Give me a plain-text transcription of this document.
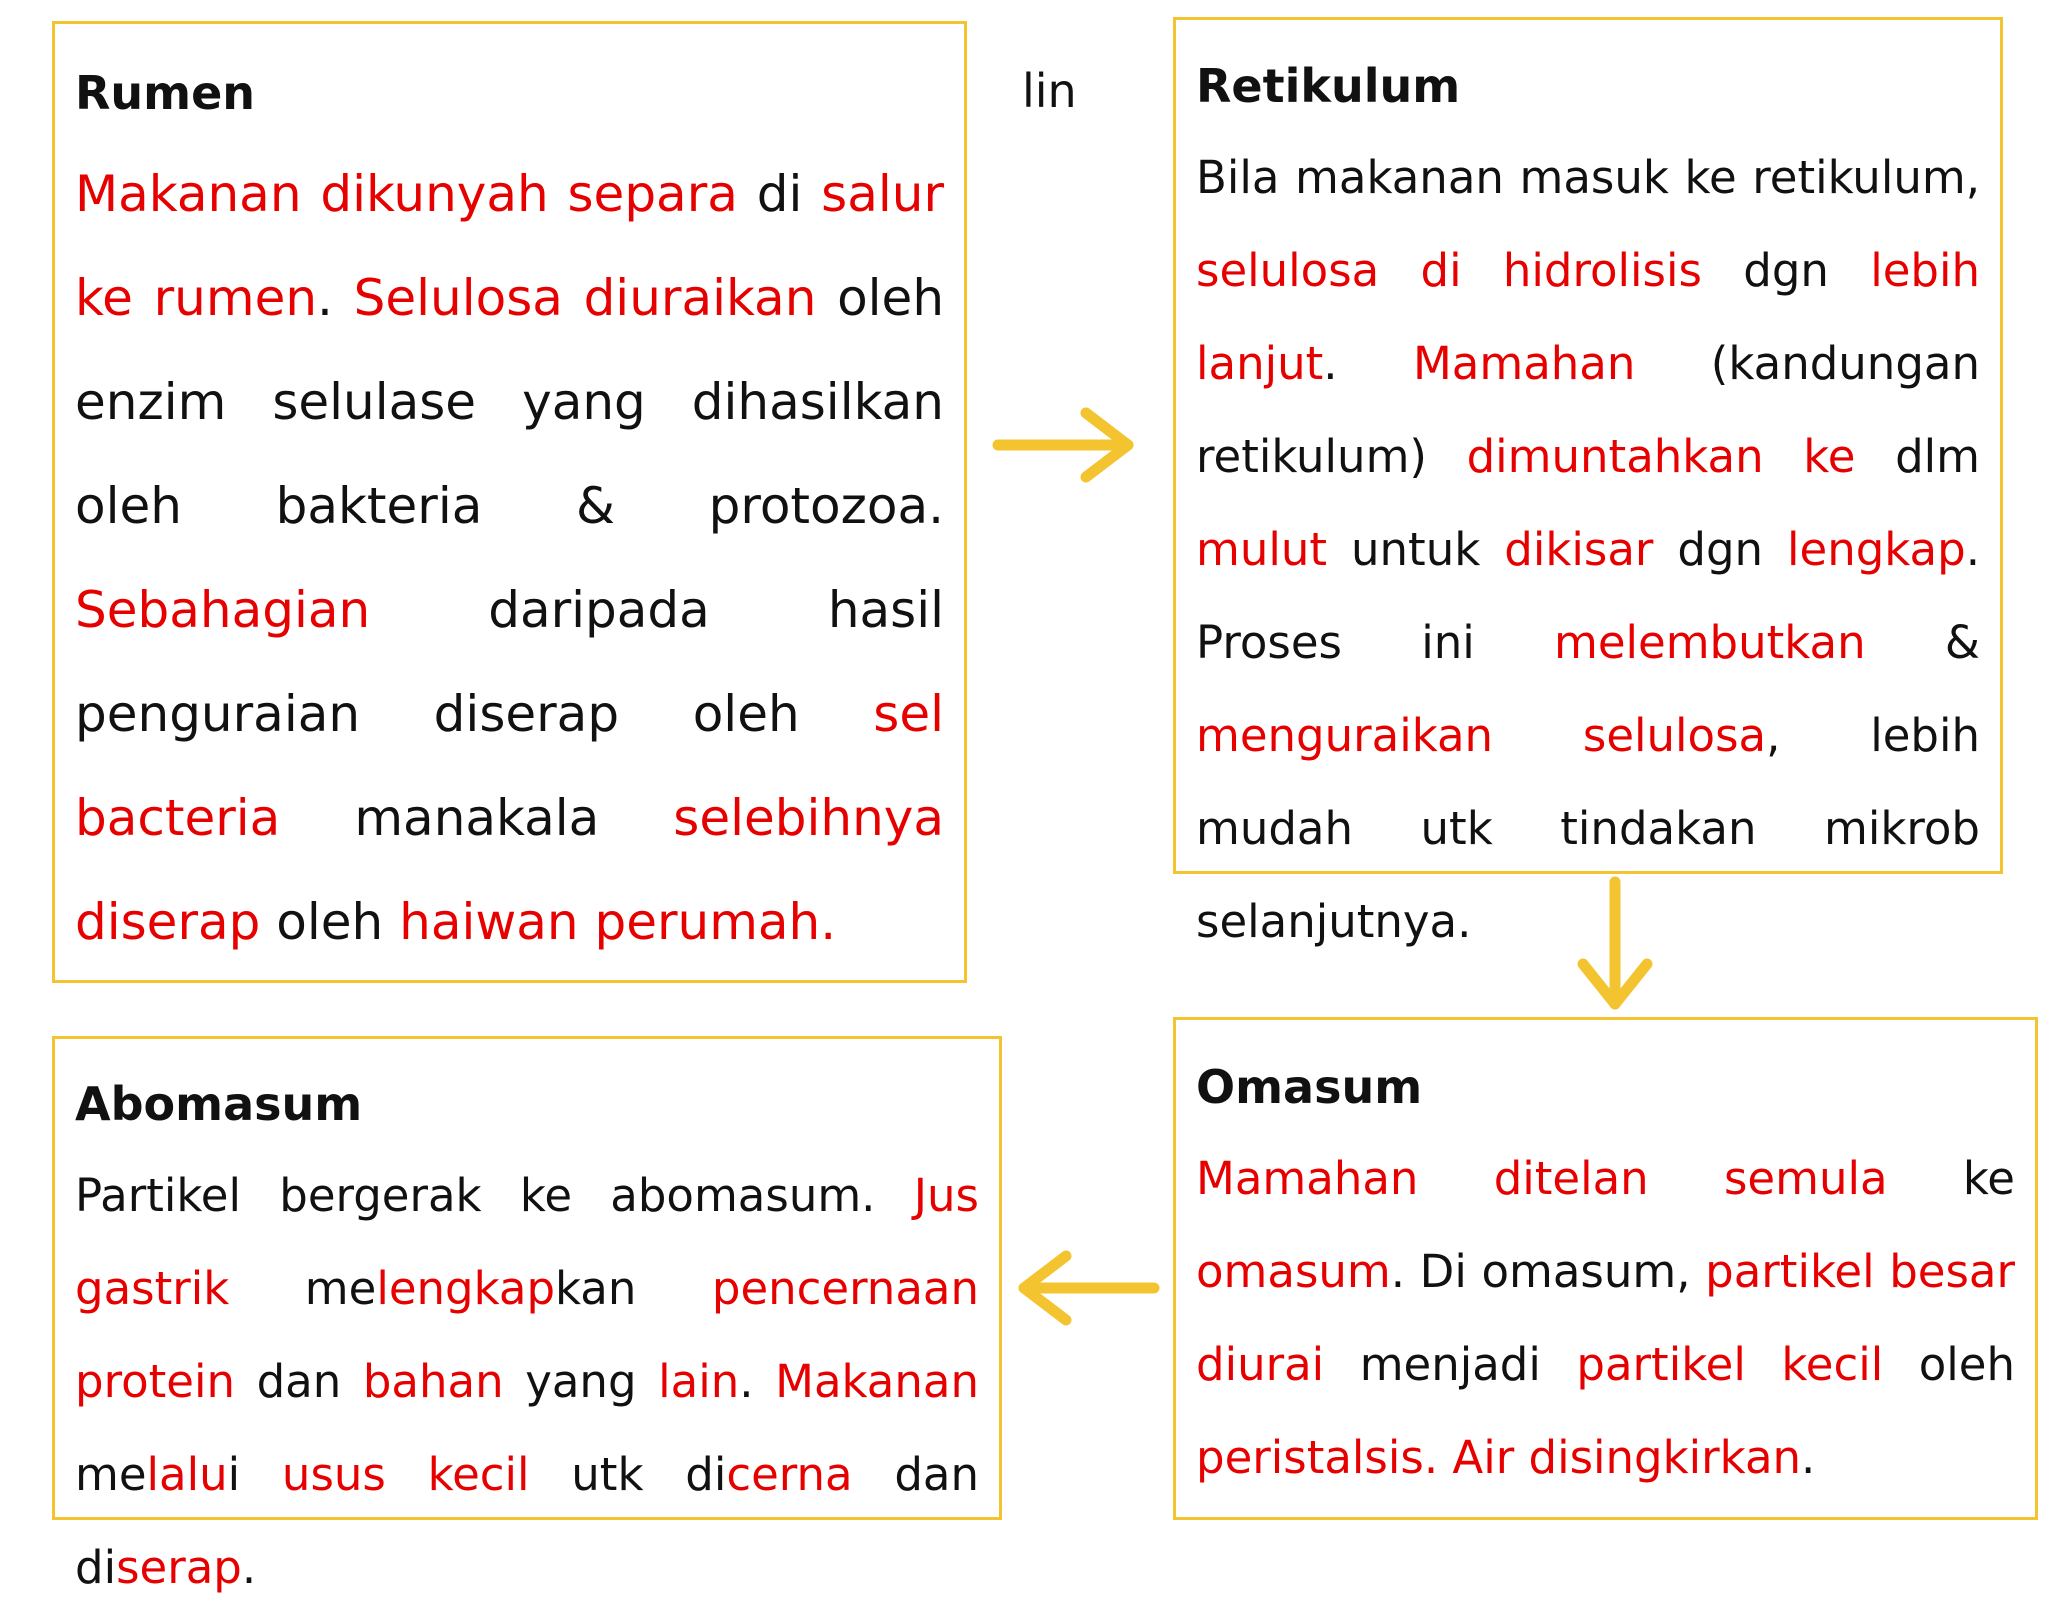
Rumen

Makanan dikunyah separa di salur ke rumen. Selulosa diuraikan oleh enzim selulase yang dihasilkan oleh bakteria & protozoa. Sebahagian daripada hasil penguraian diserap oleh sel bacteria manakala selebihnya diserap oleh haiwan perumah.

lin	Retikulum

Bila makanan masuk ke retikulum, selulosa di hidrolisis dgn lebih lanjut. Mamahan (kandungan retikulum) dimuntahkan ke dlm mulut untuk dikisar dgn lengkap. Proses ini melembutkan & menguraikan selulosa, lebih mudah utk tindakan mikrob selanjutnya.

Omasum

Mamahan ditelan semula ke omasum. Di omasum, partikel besar diurai menjadi partikel kecil oleh peristalsis. Air disingkirkan.

Abomasum

Partikel bergerak ke abomasum. Jus gastrik melengkapkan pencernaan protein dan bahan yang lain. Makanan melalui usus kecil utk dicerna dan diserap.
